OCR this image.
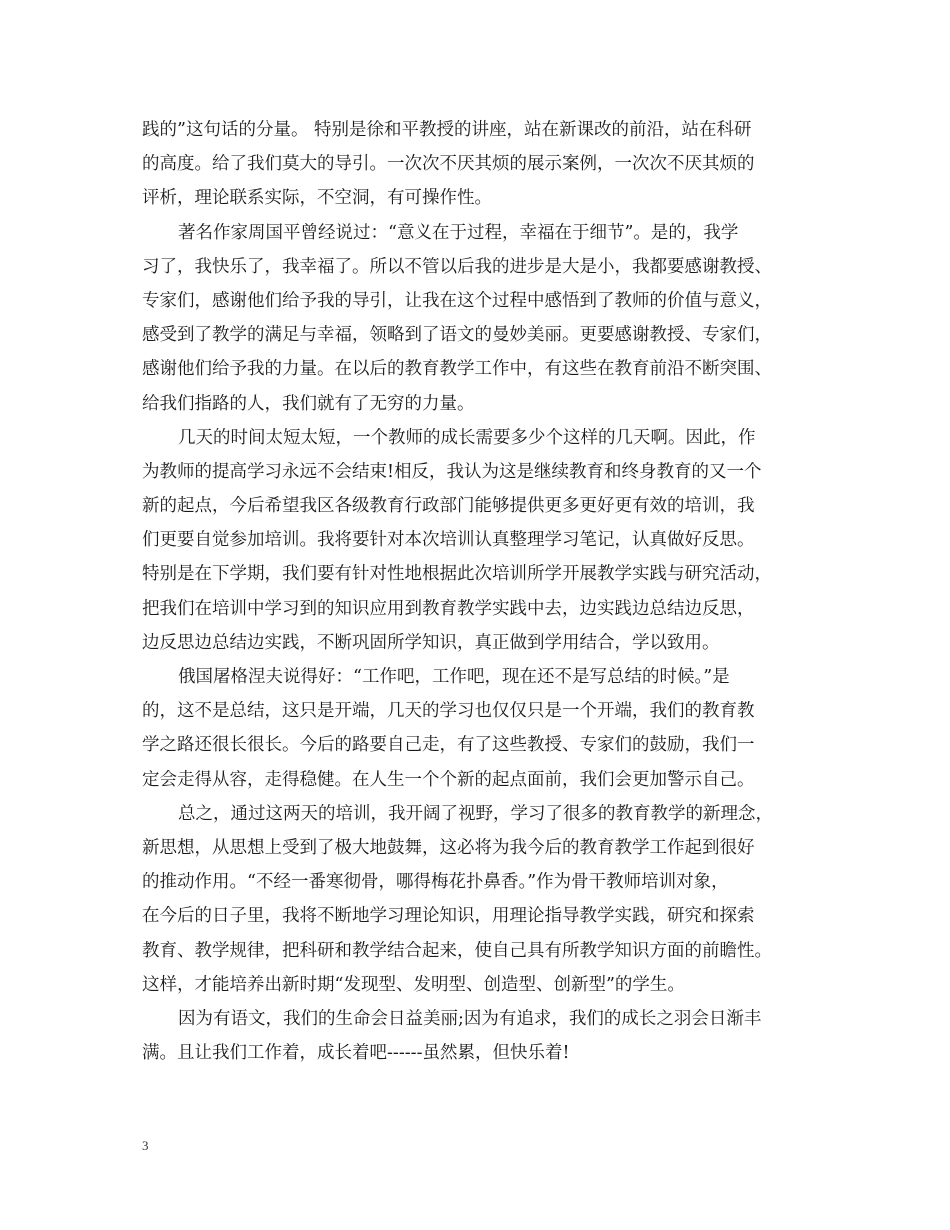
践的”这句话的分量。 特别是徐和平教授的讲座，站在新课改的前沿，站在科研
的高度。给了我们莫大的导引。一次次不厌其烦的展示案例，一次次不厌其烦的
评析，理论联系实际，不空洞，有可操作性。
著名作家周国平曾经说过：“意义在于过程，幸福在于细节”。是的，我学
习了，我快乐了，我幸福了。所以不管以后我的进步是大是小，我都要感谢教授、
专家们，感谢他们给予我的导引，让我在这个过程中感悟到了教师的价值与意义，
感受到了教学的满足与幸福，领略到了语文的曼妙美丽。更要感谢教授、专家们，
感谢他们给予我的力量。在以后的教育教学工作中，有这些在教育前沿不断突围、
给我们指路的人，我们就有了无穷的力量。
几天的时间太短太短，一个教师的成长需要多少个这样的几天啊。因此，作
为教师的提高学习永远不会结束!相反，我认为这是继续教育和终身教育的又一个
新的起点，今后希望我区各级教育行政部门能够提供更多更好更有效的培训，我
们更要自觉参加培训。我将要针对本次培训认真整理学习笔记，认真做好反思。
特别是在下学期，我们要有针对性地根据此次培训所学开展教学实践与研究活动，
把我们在培训中学习到的知识应用到教育教学实践中去，边实践边总结边反思，
边反思边总结边实践，不断巩固所学知识，真正做到学用结合，学以致用。
俄国屠格涅夫说得好：“工作吧，工作吧，现在还不是写总结的时候。”是
的，这不是总结，这只是开端，几天的学习也仅仅只是一个开端，我们的教育教
学之路还很长很长。今后的路要自己走，有了这些教授、专家们的鼓励，我们一
定会走得从容，走得稳健。在人生一个个新的起点面前，我们会更加警示自己。
总之，通过这两天的培训，我开阔了视野，学习了很多的教育教学的新理念，
新思想，从思想上受到了极大地鼓舞，这必将为我今后的教育教学工作起到很好
的推动作用。“不经一番寒彻骨，哪得梅花扑鼻香。”作为骨干教师培训对象，
在今后的日子里，我将不断地学习理论知识，用理论指导教学实践，研究和探索
教育、教学规律，把科研和教学结合起来，使自己具有所教学知识方面的前瞻性。
这样，才能培养出新时期“发现型、发明型、创造型、创新型”的学生。
因为有语文，我们的生命会日益美丽;因为有追求，我们的成长之羽会日渐丰
满。且让我们工作着，成长着吧------虽然累，但快乐着!
3
